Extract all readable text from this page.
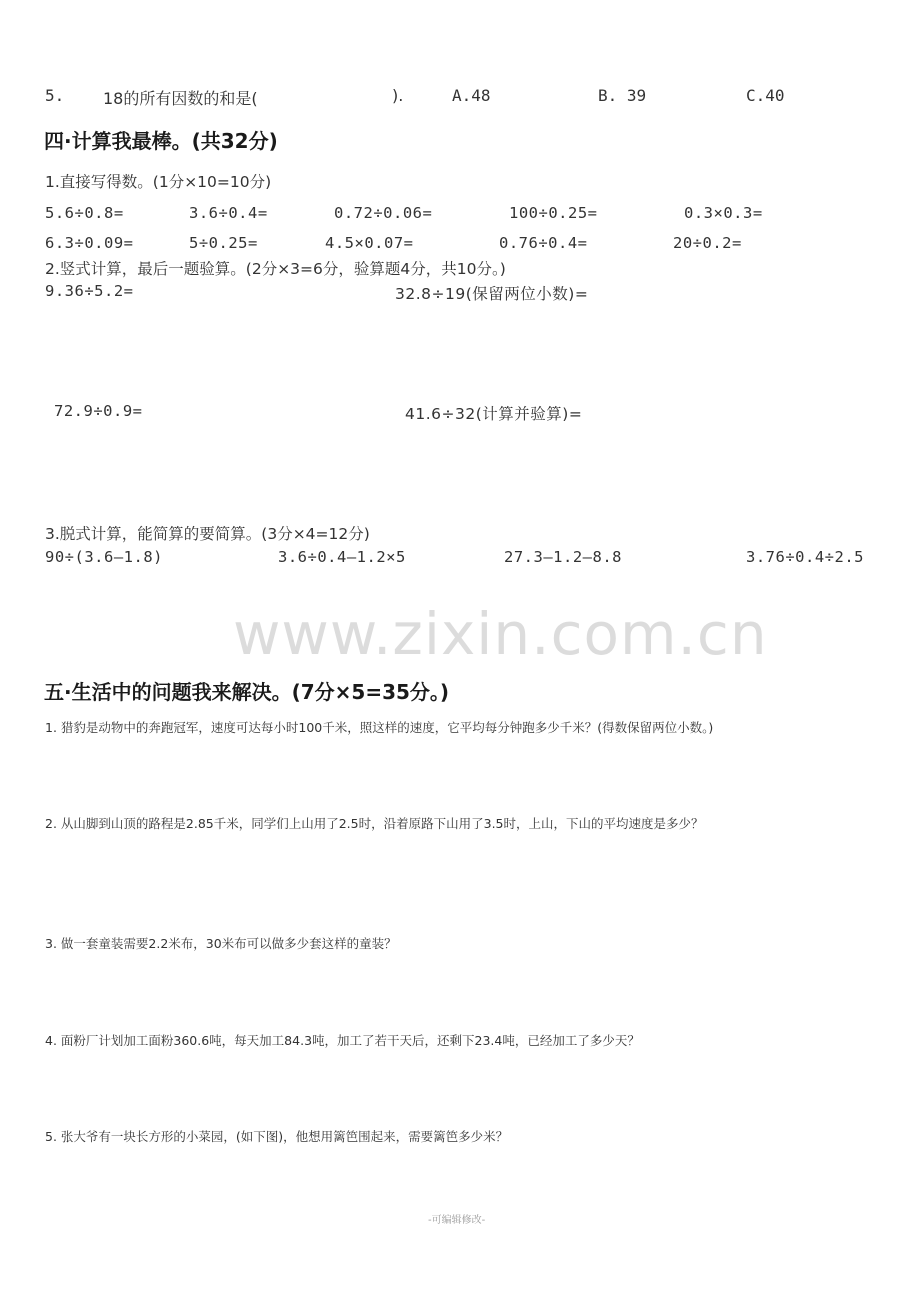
5. 18的所有因数的和是(	).	A.48	B. 39	C.40
四·计算我最棒。(共32分)
1.直接写得数。(1分×10=10分)
5.6÷0.8=	3.6÷0.4=	0.72÷0.06=	100÷0.25=	0.3×0.3=
6.3÷0.09=	5÷0.25=	4.5×0.07=	0.76÷0.4=	20÷0.2=
2.竖式计算，最后一题验算。(2分×3=6分，验算题4分，共10分。)
9.36÷5.2=	32.8÷19(保留两位小数)=
72.9÷0.9=	41.6÷32(计算并验算)=
3.脱式计算，能简算的要简算。(3分×4=12分)
90÷(3.6—1.8)	3.6÷0.4—1.2×5	27.3—1.2—8.8	3.76÷0.4÷2.5
www.zixin.com.cn
五·生活中的问题我来解决。(7分×5=35分。)
1. 猎豹是动物中的奔跑冠军，速度可达每小时100千米，照这样的速度，它平均每分钟跑多少千米？(得数保留两位小数。)
2. 从山脚到山顶的路程是2.85千米，同学们上山用了2.5时，沿着原路下山用了3.5时，上山，下山的平均速度是多少？
3. 做一套童装需要2.2米布，30米布可以做多少套这样的童装？
4. 面粉厂计划加工面粉360.6吨，每天加工84.3吨，加工了若干天后，还剩下23.4吨，已经加工了多少天？
5. 张大爷有一块长方形的小菜园，(如下图)，他想用篱笆围起来，需要篱笆多少米？
-可编辑修改-
